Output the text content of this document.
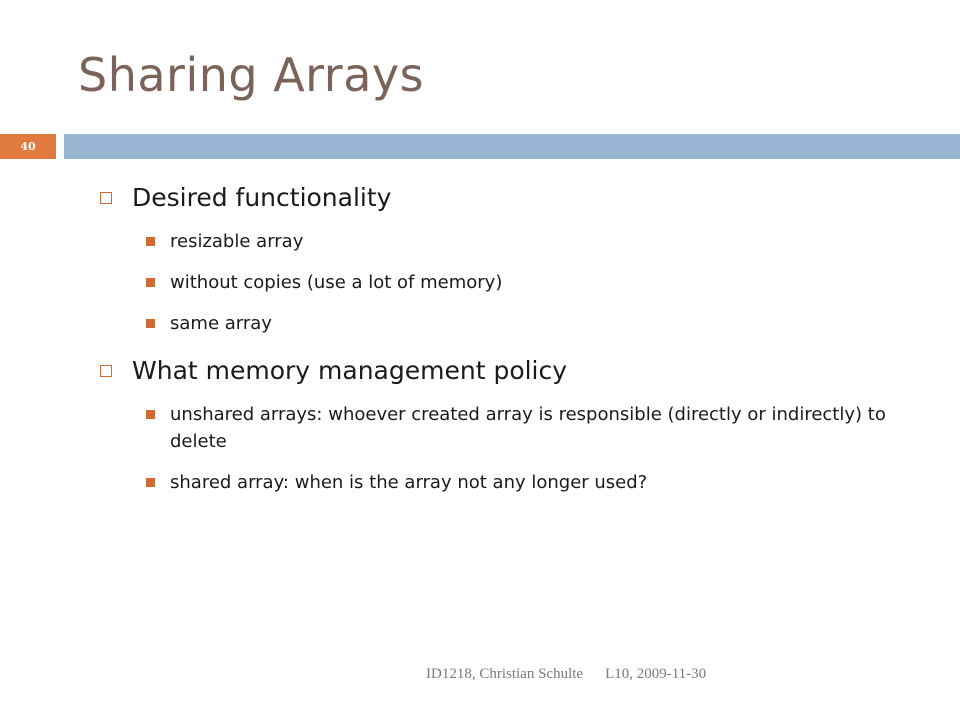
Sharing Arrays
40
Desired functionality
resizable array
without copies (use a lot of memory)
same array
What memory management policy
unshared arrays: whoever created array is responsible (directly or indirectly) to delete
shared array: when is the array not any longer used?
ID1218, Christian Schulte L10, 2009-11-30
